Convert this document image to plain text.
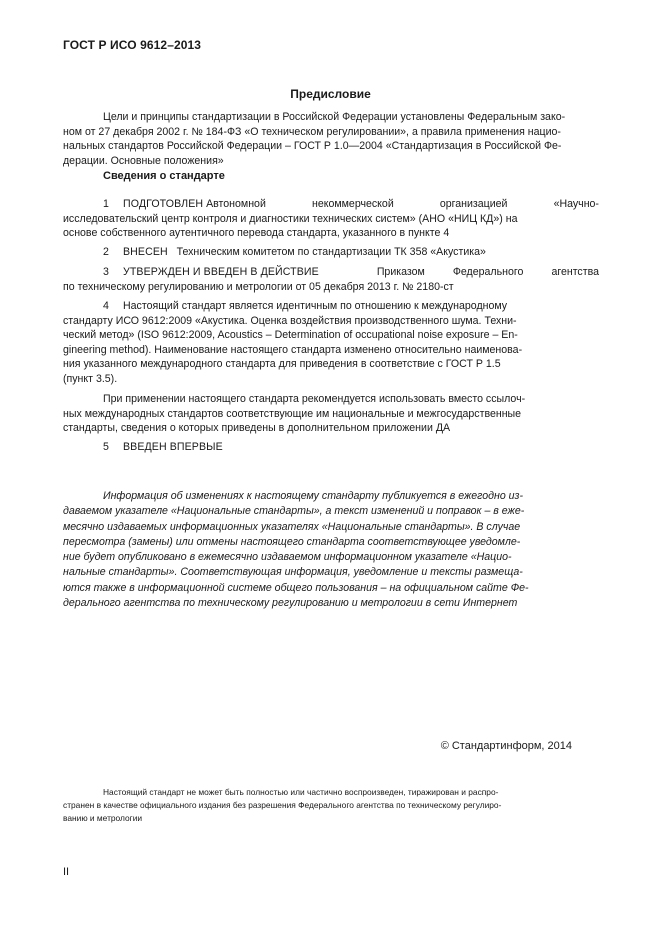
ГОСТ Р ИСО 9612–2013
Предисловие

Цели и принципы стандартизации в Российской Федерации установлены Федеральным зако-

ном от 27 декабря 2002 г. № 184-ФЗ «О техническом регулировании», а правила применения нацио-

нальных стандартов Российской Федерации – ГОСТ Р 1.0—2004 «Стандартизация в Российской Фе-

дерации. Основные положения»

Сведения о стандарте
1 ПОДГОТОВЛЕН Автономной	некоммерческой	организацией	«Научно-

исследовательский центр контроля и диагностики технических систем» (АНО «НИЦ КД») на

основе собственного аутентичного перевода стандарта, указанного в пункте 4

2 ВНЕСЕН Техническим комитетом по стандартизации ТК 358 «Акустика»

3 УТВЕРЖДЕН И ВВЕДЕН В ДЕЙСТВИЕ	Приказом	Федерального	агентства

по техническому регулированию и метрологии от 05 декабря 2013 г. № 2180-ст

4 Настоящий стандарт является идентичным по отношению к международному

стандарту ИСО 9612:2009 «Акустика. Оценка воздействия производственного шума. Техни-

ческий метод» (ISO 9612:2009, Acoustics – Determination of occupational noise exposure – En-

gineering method). Наименование настоящего стандарта изменено относительно наименова-

ния указанного международного стандарта для приведения в соответствие с ГОСТ Р 1.5

(пункт 3.5).

При применении настоящего стандарта рекомендуется использовать вместо ссылоч-

ных международных стандартов соответствующие им национальные и межгосударственные

стандарты, сведения о которых приведены в дополнительном приложении ДА

5 ВВЕДЕН ВПЕРВЫЕ

Информация об изменениях к настоящему стандарту публикуется в ежегодно из-

даваемом указателе «Национальные стандарты», а текст изменений и поправок – в еже-

месячно издаваемых информационных указателях «Национальные стандарты». В случае

пересмотра (замены) или отмены настоящего стандарта соответствующее уведомле-

ние будет опубликовано в ежемесячно издаваемом информационном указателе «Нацио-

нальные стандарты». Соответствующая информация, уведомление и тексты размеща-

ются также в информационной системе общего пользования – на официальном сайте Фе-

дерального агентства по техническому регулированию и метрологии в сети Интернет

© Стандартинформ, 2014

Настоящий стандарт не может быть полностью или частично воспроизведен, тиражирован и распро-

странен в качестве официального издания без разрешения Федерального агентства по техническому регулиро-

ванию и метрологии

II
